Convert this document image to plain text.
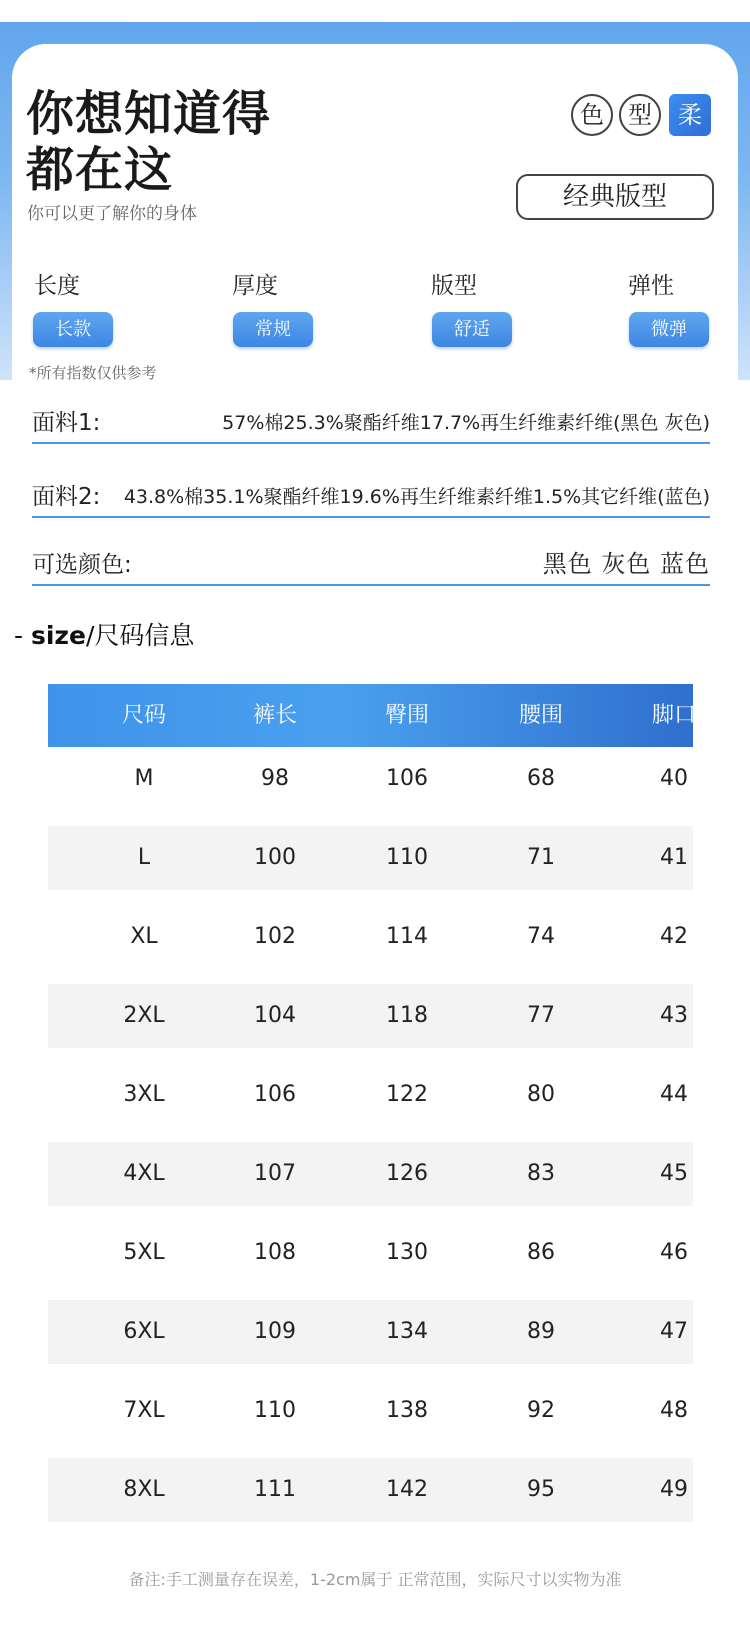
你想知道得
都在这
你可以更了解你的身体
色	型	柔
经典版型
长度	厚度	版型	弹性
长款	常规	舒适	微弹
*所有指数仅供参考
面料1:	57%棉25.3%聚酯纤维17.7%再生纤维素纤维(黑色 灰色)
面料2: 43.8%棉35.1%聚酯纤维19.6%再生纤维素纤维1.5%其它纤维(蓝色)
可选颜色:	黑色 灰色 蓝色
- size/尺码信息
尺码	裤长	臀围	腰围	脚口
M	98	106	68	40
L	100	110	71	41
XL	102	114	74	42
2XL	104	118	77	43
3XL	106	122	80	44
4XL	107	126	83	45
5XL	108	130	86	46
6XL	109	134	89	47
7XL	110	138	92	48
8XL	111	142	95	49
备注:手工测量存在误差，1-2cm属于 正常范围，实际尺寸以实物为准
